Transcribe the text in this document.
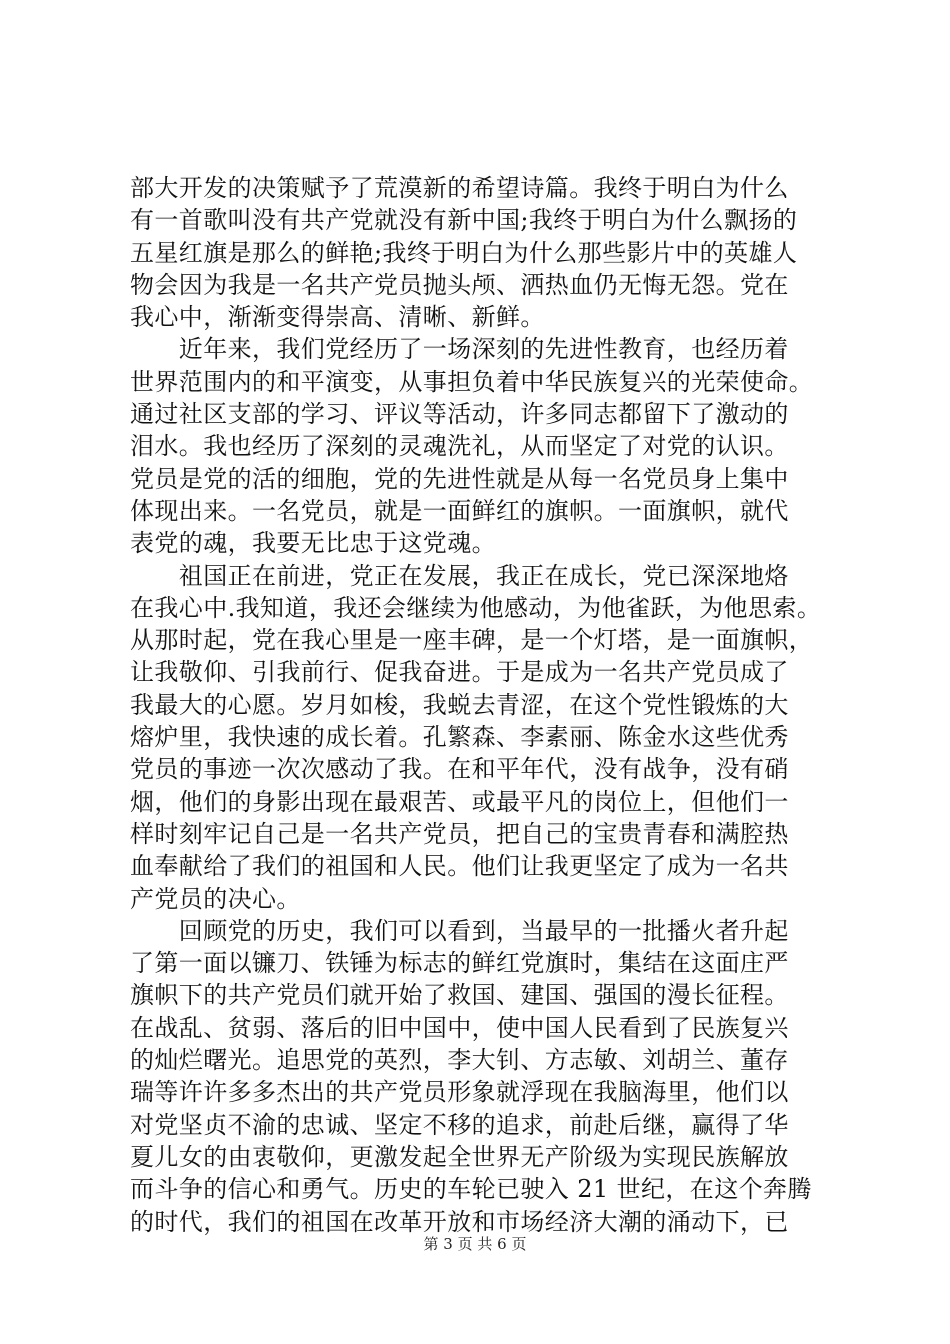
部大开发的决策赋予了荒漠新的希望诗篇。我终于明白为什么
有一首歌叫没有共产党就没有新中国;我终于明白为什么飘扬的
五星红旗是那么的鲜艳;我终于明白为什么那些影片中的英雄人
物会因为我是一名共产党员抛头颅、洒热血仍无悔无怨。党在
我心中，渐渐变得崇高、清晰、新鲜。
　　近年来，我们党经历了一场深刻的先进性教育，也经历着
世界范围内的和平演变，从事担负着中华民族复兴的光荣使命。
通过社区支部的学习、评议等活动，许多同志都留下了激动的
泪水。我也经历了深刻的灵魂洗礼，从而坚定了对党的认识。
党员是党的活的细胞，党的先进性就是从每一名党员身上集中
体现出来。一名党员，就是一面鲜红的旗帜。一面旗帜，就代
表党的魂，我要无比忠于这党魂。
　　祖国正在前进，党正在发展，我正在成长，党已深深地烙
在我心中.我知道，我还会继续为他感动，为他雀跃，为他思索。
从那时起，党在我心里是一座丰碑，是一个灯塔，是一面旗帜，
让我敬仰、引我前行、促我奋进。于是成为一名共产党员成了
我最大的心愿。岁月如梭，我蜕去青涩，在这个党性锻炼的大
熔炉里，我快速的成长着。孔繁森、李素丽、陈金水这些优秀
党员的事迹一次次感动了我。在和平年代，没有战争，没有硝
烟，他们的身影出现在最艰苦、或最平凡的岗位上，但他们一
样时刻牢记自己是一名共产党员，把自己的宝贵青春和满腔热
血奉献给了我们的祖国和人民。他们让我更坚定了成为一名共
产党员的决心。
　　回顾党的历史，我们可以看到，当最早的一批播火者升起
了第一面以镰刀、铁锤为标志的鲜红党旗时，集结在这面庄严
旗帜下的共产党员们就开始了救国、建国、强国的漫长征程。
在战乱、贫弱、落后的旧中国中，使中国人民看到了民族复兴
的灿烂曙光。追思党的英烈，李大钊、方志敏、刘胡兰、董存
瑞等许许多多杰出的共产党员形象就浮现在我脑海里，他们以
对党坚贞不渝的忠诚、坚定不移的追求，前赴后继，赢得了华
夏儿女的由衷敬仰，更激发起全世界无产阶级为实现民族解放
而斗争的信心和勇气。历史的车轮已驶入 21 世纪，在这个奔腾
的时代，我们的祖国在改革开放和市场经济大潮的涌动下，已
第 3 页 共 6 页
